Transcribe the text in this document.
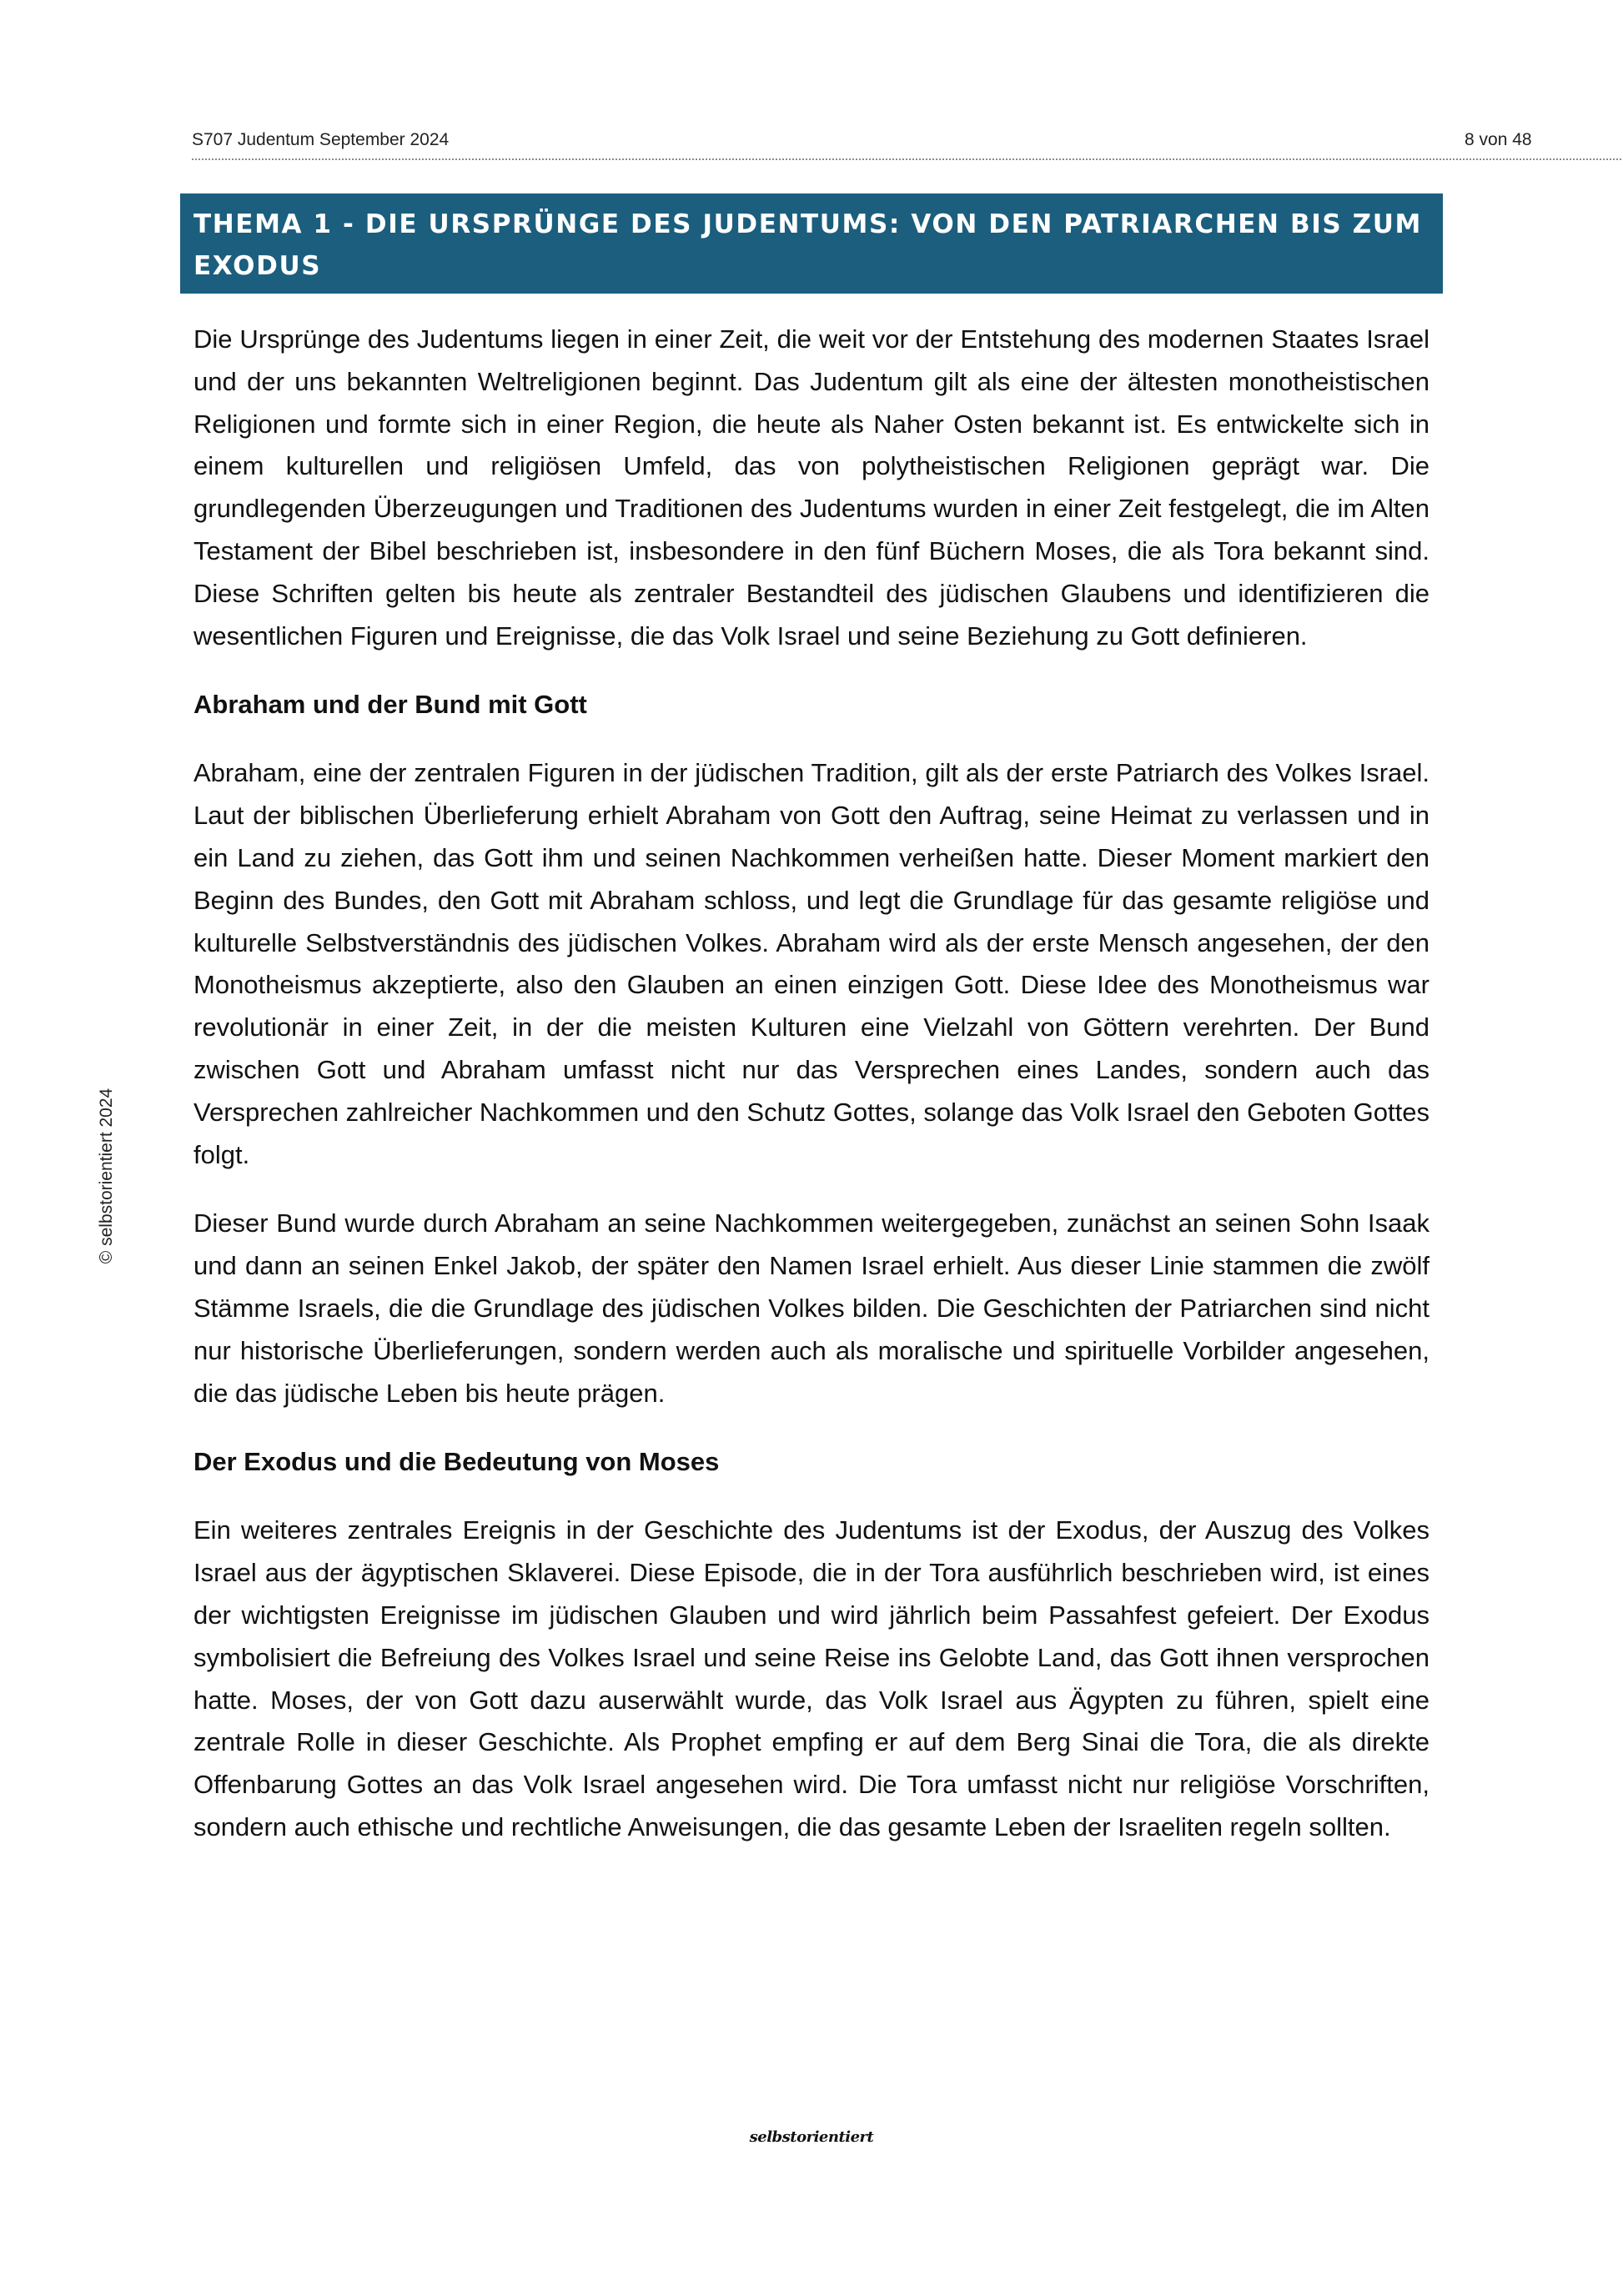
S707 Judentum September 2024	8 von 48
THEMA 1 - DIE URSPRÜNGE DES JUDENTUMS: VON DEN PATRIARCHEN BIS ZUM EXODUS

Die Ursprünge des Judentums liegen in einer Zeit, die weit vor der Entstehung des modernen Staates Israel und der uns bekannten Weltreligionen beginnt. Das Judentum gilt als eine der ältesten monotheistischen Religionen und formte sich in einer Region, die heute als Naher Osten bekannt ist. Es entwickelte sich in einem kulturellen und religiösen Umfeld, das von polytheistischen Religionen geprägt war. Die grundlegenden Überzeugungen und Traditionen des Judentums wurden in einer Zeit festgelegt, die im Alten Testament der Bibel beschrieben ist, insbesondere in den fünf Büchern Moses, die als Tora bekannt sind. Diese Schriften gelten bis heute als zentraler Bestandteil des jüdischen Glaubens und identifizieren die wesentlichen Figuren und Ereignisse, die das Volk Israel und seine Beziehung zu Gott definieren.

Abraham und der Bund mit Gott

Abraham, eine der zentralen Figuren in der jüdischen Tradition, gilt als der erste Patriarch des Volkes Israel. Laut der biblischen Überlieferung erhielt Abraham von Gott den Auftrag, seine Heimat zu verlassen und in ein Land zu ziehen, das Gott ihm und seinen Nachkommen verheißen hatte. Dieser Moment markiert den Beginn des Bundes, den Gott mit Abraham schloss, und legt die Grundlage für das gesamte religiöse und kulturelle Selbstverständnis des jüdischen Volkes. Abraham wird als der erste Mensch angesehen, der den Monotheismus akzeptierte, also den Glauben an einen einzigen Gott. Diese Idee des Monotheismus war revolutionär in einer Zeit, in der die meisten Kulturen eine Vielzahl von Göttern verehrten. Der Bund zwischen Gott und Abraham umfasst nicht nur das Versprechen eines Landes, sondern auch das Versprechen zahlreicher Nachkommen und den Schutz Gottes, solange das Volk Israel den Geboten Gottes folgt.

Dieser Bund wurde durch Abraham an seine Nachkommen weitergegeben, zunächst an seinen Sohn Isaak und dann an seinen Enkel Jakob, der später den Namen Israel erhielt. Aus dieser Linie stammen die zwölf Stämme Israels, die die Grundlage des jüdischen Volkes bilden. Die Geschichten der Patriarchen sind nicht nur historische Überlieferungen, sondern werden auch als moralische und spirituelle Vorbilder angesehen, die das jüdische Leben bis heute prägen.

Der Exodus und die Bedeutung von Moses

Ein weiteres zentrales Ereignis in der Geschichte des Judentums ist der Exodus, der Auszug des Volkes Israel aus der ägyptischen Sklaverei. Diese Episode, die in der Tora ausführlich beschrieben wird, ist eines der wichtigsten Ereignisse im jüdischen Glauben und wird jährlich beim Passahfest gefeiert. Der Exodus symbolisiert die Befreiung des Volkes Israel und seine Reise ins Gelobte Land, das Gott ihnen versprochen hatte. Moses, der von Gott dazu auserwählt wurde, das Volk Israel aus Ägypten zu führen, spielt eine zentrale Rolle in dieser Geschichte. Als Prophet empfing er auf dem Berg Sinai die Tora, die als direkte Offenbarung Gottes an das Volk Israel angesehen wird. Die Tora umfasst nicht nur religiöse Vorschriften, sondern auch ethische und rechtliche Anweisungen, die das gesamte Leben der Israeliten regeln sollten.

© selbstorientiert 2024
selbstorientiert
